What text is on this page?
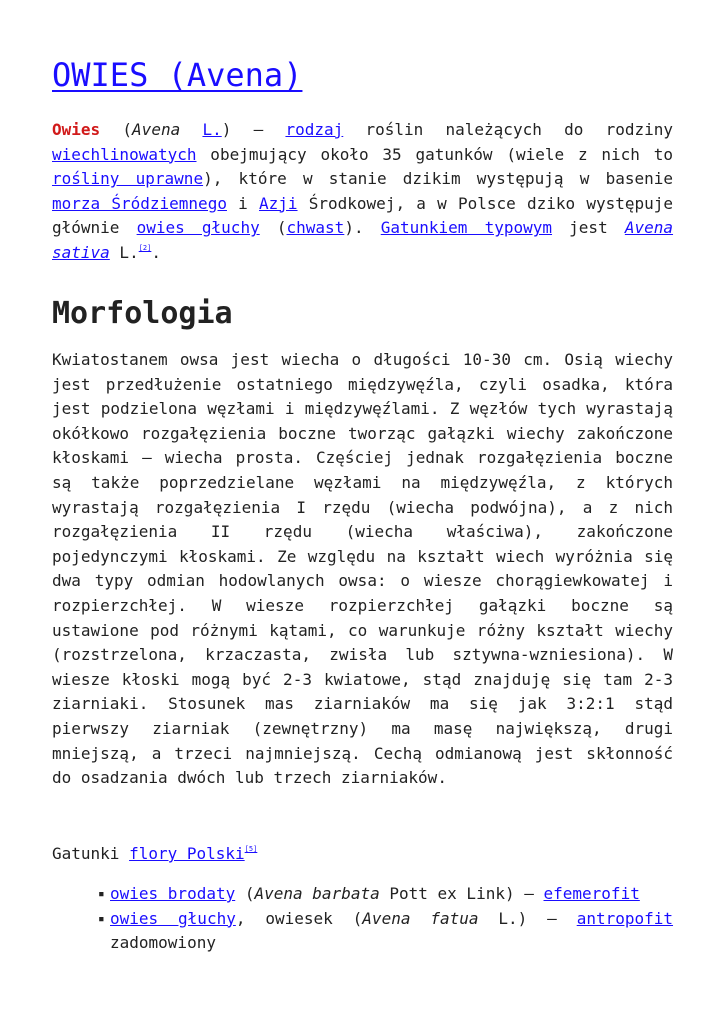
OWIES (Avena)

Owies (Avena L.) – rodzaj roślin należących do rodziny wiechlinowatych obejmujący około 35 gatunków (wiele z nich to rośliny uprawne), które w stanie dzikim występują w basenie morza Śródziemnego i Azji Środkowej, a w Polsce dziko występuje głównie owies głuchy (chwast). Gatunkiem typowym jest Avena sativa L.[2].

Morfologia

Kwiatostanem owsa jest wiecha o długości 10-30 cm. Osią wiechy jest przedłużenie ostatniego międzywęźla, czyli osadka, która jest podzielona węzłami i międzywęźlami. Z węzłów tych wyrastają okółkowo rozgałęzienia boczne tworząc gałązki wiechy zakończone kłoskami – wiecha prosta. Częściej jednak rozgałęzienia boczne są także poprzedzielane węzłami na międzywęźla, z których wyrastają rozgałęzienia I rzędu (wiecha podwójna), a z nich rozgałęzienia II rzędu (wiecha właściwa), zakończone pojedynczymi kłoskami. Ze względu na kształt wiech wyróżnia się dwa typy odmian hodowlanych owsa: o wiesze chorągiewkowatej i rozpierzchłej. W wiesze rozpierzchłej gałązki boczne są ustawione pod różnymi kątami, co warunkuje różny kształt wiechy (rozstrzelona, krzaczasta, zwisła lub sztywna-wzniesiona). W wiesze kłoski mogą być 2-3 kwiatowe, stąd znajduję się tam 2-3 ziarniaki. Stosunek mas ziarniaków ma się jak 3:2:1 stąd pierwszy ziarniak (zewnętrzny) ma masę największą, drugi mniejszą, a trzeci najmniejszą. Cechą odmianową jest skłonność do osadzania dwóch lub trzech ziarniaków.

Gatunki flory Polski[5]

▪ owies brodaty (Avena barbata Pott ex Link) – efemerofit
▪ owies głuchy, owiesek (Avena fatua L.) – antropofit zadomowiony
